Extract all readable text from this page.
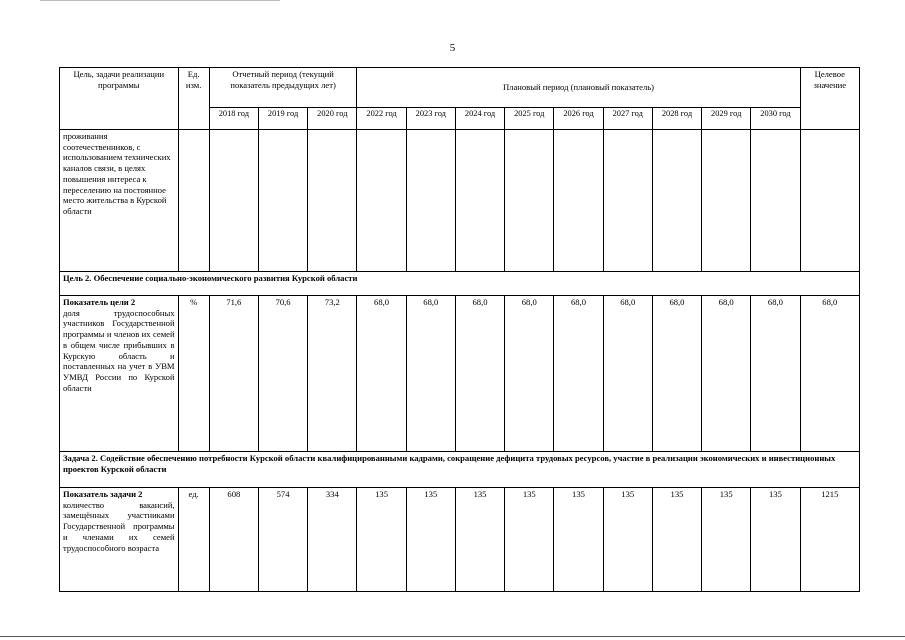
5
Цель, задачи реализации программы	Ед. изм.	Отчетный период (текущий показатель предыдущих лет)			Плановый период (плановый показатель)									Целевое значение
		2018 год	2019 год	2020 год	2022 год	2023 год	2024 год	2025 год	2026 год	2027 год	2028 год	2029 год	2030 год	
проживания соотечественников, с использованием технических каналов связи, в целях повышения интереса к переселению на постоянное место жительства в Курской области														
Цель 2. Обеспечение социально-экономического развития Курской области														
Показатель цели 2
доля трудоспособных участников Государственной программы и членов их семей в общем числе прибывших в Курскую область и поставленных на учет в УВМ УМВД России по Курской области	%	71,6	70,6	73,2	68,0	68,0	68,0	68,0	68,0	68,0	68,0	68,0	68,0	68,0
Задача 2. Содействие обеспечению потребности Курской области квалифицированными кадрами, сокращение дефицита трудовых ресурсов, участие в реализации экономических и инвестиционных проектов Курской области														
Показатель задачи 2
количество вакансий, замещённых участниками Государственной программы и членами их семей трудоспособного возраста	ед.	608	574	334	135	135	135	135	135	135	135	135	135	1215
